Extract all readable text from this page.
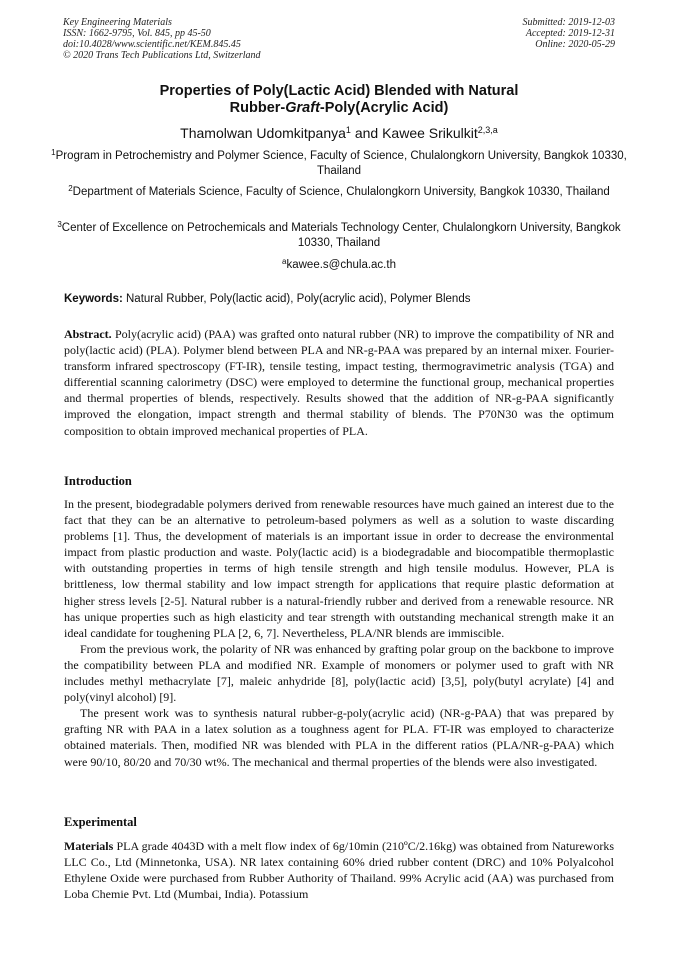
Key Engineering Materials
ISSN: 1662-9795, Vol. 845, pp 45-50
doi:10.4028/www.scientific.net/KEM.845.45
© 2020 Trans Tech Publications Ltd, Switzerland
Submitted: 2019-12-03
Accepted: 2019-12-31
Online: 2020-05-29
Properties of Poly(Lactic Acid) Blended with Natural
Rubber-Graft-Poly(Acrylic Acid)
Thamolwan Udomkitpanya$^1$ and Kawee Srikulkit$^{2,3,a}$
$^1$Program in Petrochemistry and Polymer Science, Faculty of Science, Chulalongkorn University, Bangkok 10330, Thailand
$^2$Department of Materials Science, Faculty of Science, Chulalongkorn University, Bangkok 10330, Thailand
$^3$Center of Excellence on Petrochemicals and Materials Technology Center, Chulalongkorn University, Bangkok 10330, Thailand
$^a$kawee.s@chula.ac.th
Keywords: Natural Rubber, Poly(lactic acid), Poly(acrylic acid), Polymer Blends
Abstract. Poly(acrylic acid) (PAA) was grafted onto natural rubber (NR) to improve the compatibility of NR and poly(lactic acid) (PLA). Polymer blend between PLA and NR-g-PAA was prepared by an internal mixer. Fourier-transform infrared spectroscopy (FT-IR), tensile testing, impact testing, thermogravimetric analysis (TGA) and differential scanning calorimetry (DSC) were employed to determine the functional group, mechanical properties and thermal properties of blends, respectively. Results showed that the addition of NR-g-PAA significantly improved the elongation, impact strength and thermal stability of blends. The P70N30 was the optimum composition to obtain improved mechanical properties of PLA.
Introduction
In the present, biodegradable polymers derived from renewable resources have much gained an interest due to the fact that they can be an alternative to petroleum-based polymers as well as a solution to waste discarding problems [1]. Thus, the development of materials is an important issue in order to decrease the environmental impact from plastic production and waste. Poly(lactic acid) is a biodegradable and biocompatible thermoplastic with outstanding properties in terms of high tensile strength and high tensile modulus. However, PLA is brittleness, low thermal stability and low impact strength for applications that require plastic deformation at higher stress levels [2-5]. Natural rubber is a natural-friendly rubber and derived from a renewable resource. NR has unique properties such as high elasticity and tear strength with outstanding mechanical strength make it an ideal candidate for toughening PLA [2, 6, 7]. Nevertheless, PLA/NR blends are immiscible.
From the previous work, the polarity of NR was enhanced by grafting polar group on the backbone to improve the compatibility between PLA and modified NR. Example of monomers or polymer used to graft with NR includes methyl methacrylate [7], maleic anhydride [8], poly(lactic acid) [3,5], poly(butyl acrylate) [4] and poly(vinyl alcohol) [9].
The present work was to synthesis natural rubber-g-poly(acrylic acid) (NR-g-PAA) that was prepared by grafting NR with PAA in a latex solution as a toughness agent for PLA. FT-IR was employed to characterize obtained materials. Then, modified NR was blended with PLA in the different ratios (PLA/NR-g-PAA) which were 90/10, 80/20 and 70/30 wt%. The mechanical and thermal properties of the blends were also investigated.
Experimental
Materials PLA grade 4043D with a melt flow index of 6g/10min (210ºC/2.16kg) was obtained from Natureworks LLC Co., Ltd (Minnetonka, USA). NR latex containing 60% dried rubber content (DRC) and 10% Polyalcohol Ethylene Oxide were purchased from Rubber Authority of Thailand. 99% Acrylic acid (AA) was purchased from Loba Chemie Pvt. Ltd (Mumbai, India). Potassium
